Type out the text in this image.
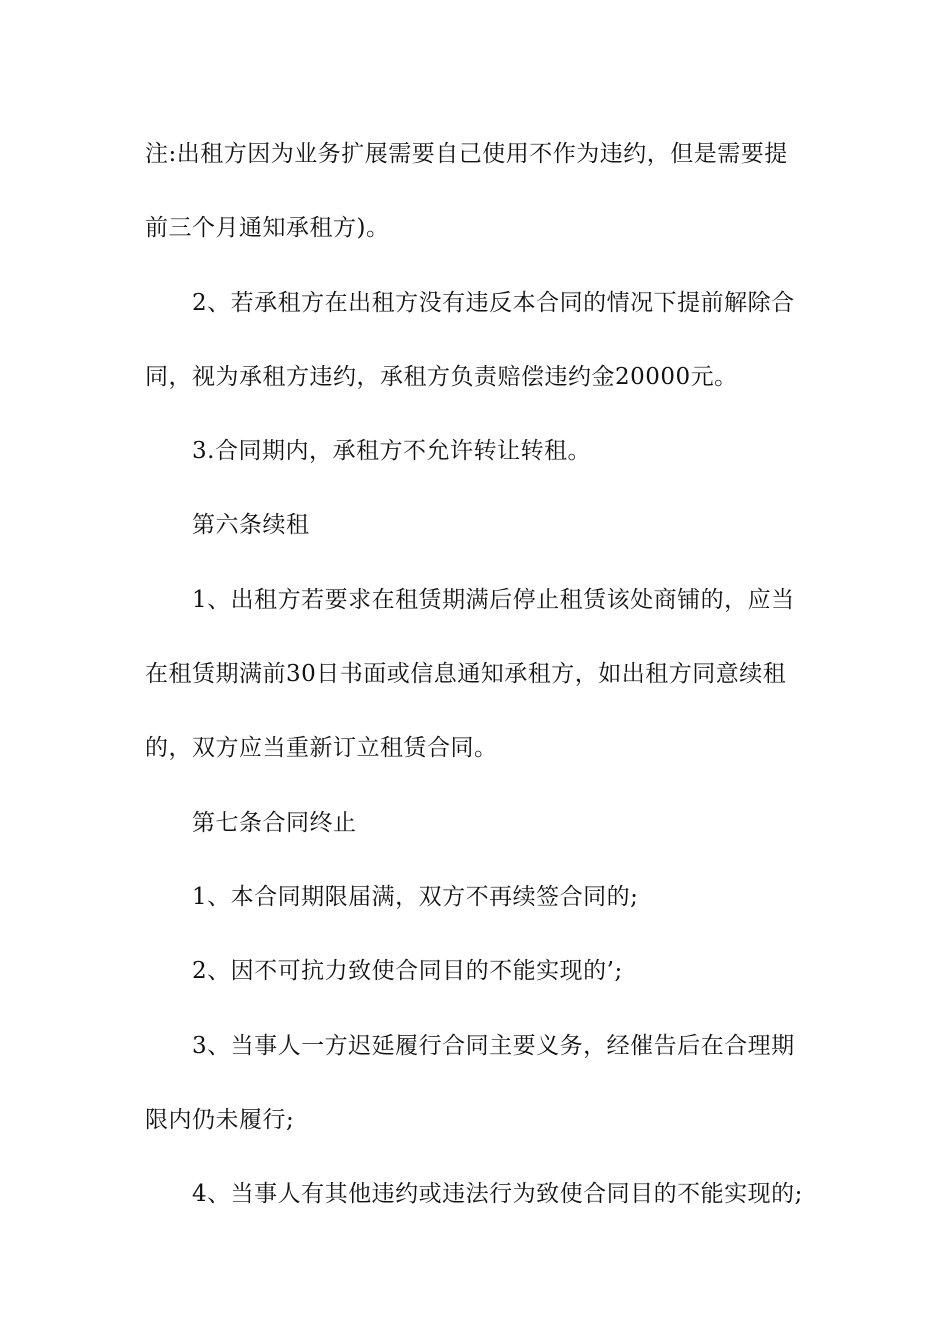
注:出租方因为业务扩展需要自己使用不作为违约，但是需要提
前三个月通知承租方)。
2、若承租方在出租方没有违反本合同的情况下提前解除合
同，视为承租方违约，承租方负责赔偿违约金20000元。
3.合同期内，承租方不允许转让转租。
第六条续租
1、出租方若要求在租赁期满后停止租赁该处商铺的，应当
在租赁期满前30日书面或信息通知承租方，如出租方同意续租
的，双方应当重新订立租赁合同。
第七条合同终止
1、本合同期限届满，双方不再续签合同的;
2、因不可抗力致使合同目的不能实现的’;
3、当事人一方迟延履行合同主要义务，经催告后在合理期
限内仍未履行;
4、当事人有其他违约或违法行为致使合同目的不能实现的;
